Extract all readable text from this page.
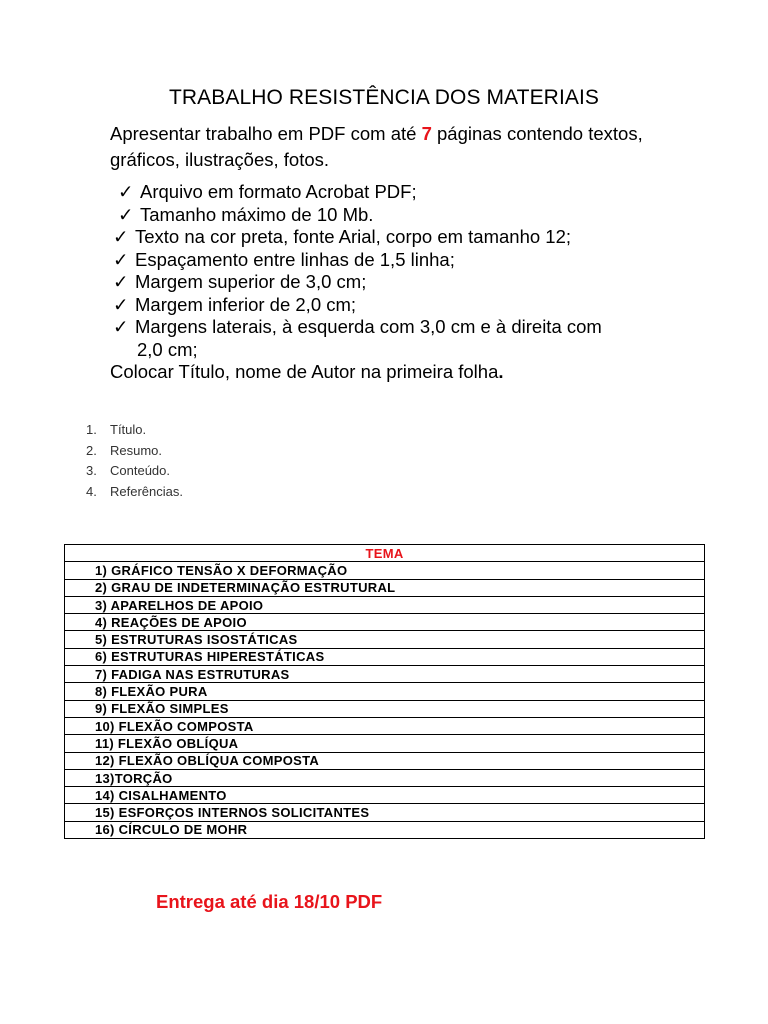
TRABALHO RESISTÊNCIA DOS MATERIAIS
Apresentar trabalho em PDF com até 7 páginas contendo textos, gráficos, ilustrações, fotos.
✓ Arquivo em formato Acrobat PDF;
✓ Tamanho máximo de 10 Mb.
✓ Texto na cor preta, fonte Arial, corpo em tamanho 12;
✓ Espaçamento entre linhas de 1,5 linha;
✓ Margem superior de 3,0 cm;
✓ Margem inferior de 2,0 cm;
✓ Margens laterais, à esquerda com 3,0 cm e à direita com
2,0 cm;
Colocar Título, nome de Autor na primeira folha.
1. Título.
2. Resumo.
3. Conteúdo.
4. Referências.
TEMA
1) GRÁFICO TENSÃO X DEFORMAÇÃO
2) GRAU DE INDETERMINAÇÃO ESTRUTURAL
3) APARELHOS DE APOIO
4) REAÇÕES DE APOIO
5) ESTRUTURAS ISOSTÁTICAS
6) ESTRUTURAS HIPERESTÁTICAS
7) FADIGA NAS ESTRUTURAS
8) FLEXÃO PURA
9) FLEXÃO SIMPLES
10) FLEXÃO COMPOSTA
11) FLEXÃO OBLÍQUA
12) FLEXÃO OBLÍQUA COMPOSTA
13)TORÇÃO
14) CISALHAMENTO
15) ESFORÇOS INTERNOS SOLICITANTES
16) CÍRCULO DE MOHR
Entrega até dia 18/10 PDF
